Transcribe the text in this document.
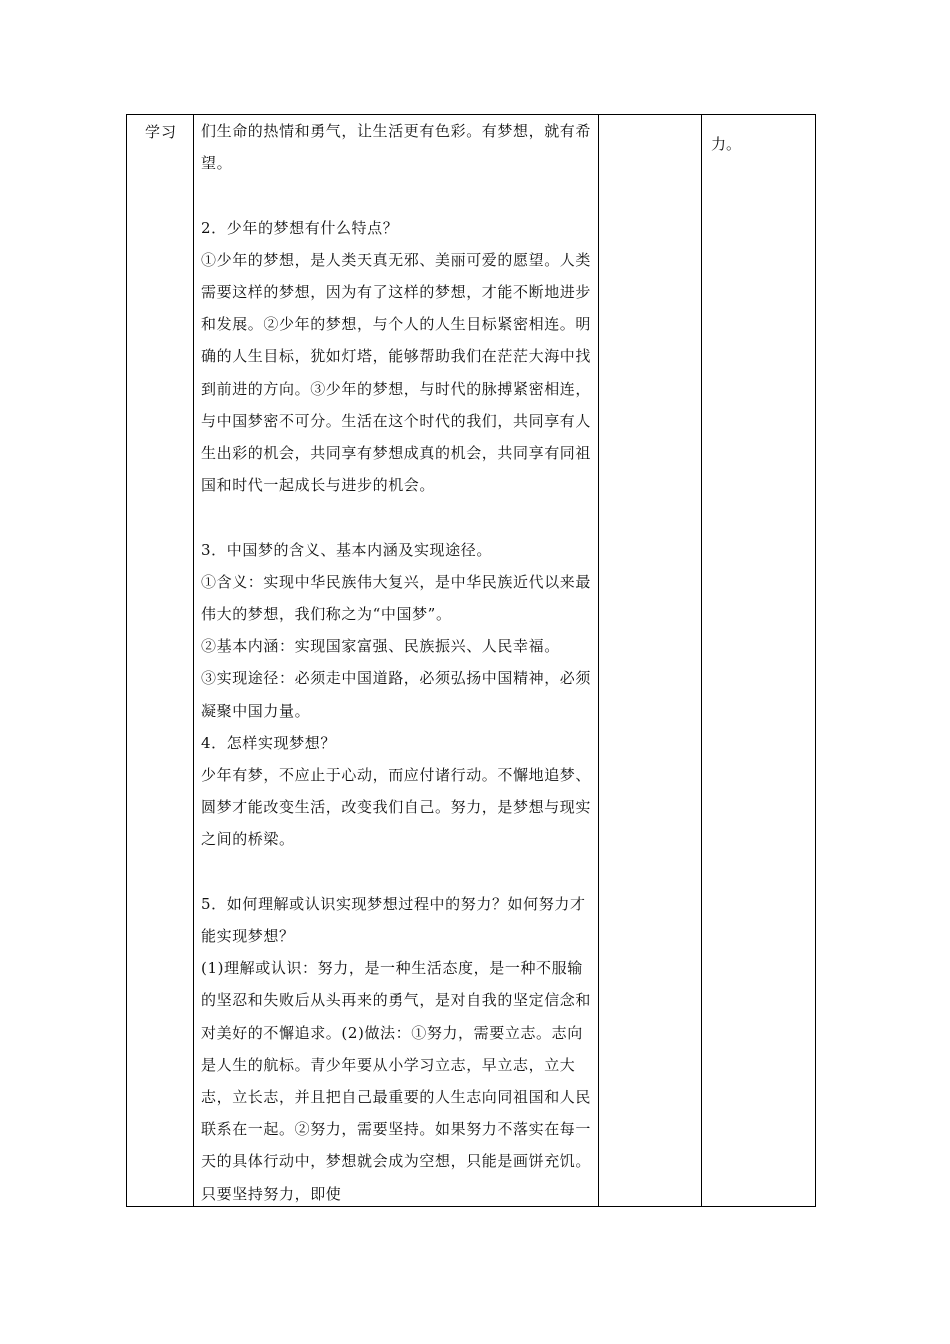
学习 们生命的热情和勇气，让生活更有色彩。有梦想，就有希望。

2．少年的梦想有什么特点？

①少年的梦想，是人类天真无邪、美丽可爱的愿望。人类需要这样的梦想，因为有了这样的梦想，才能不断地进步和发展。②少年的梦想，与个人的人生目标紧密相连。明确的人生目标，犹如灯塔，能够帮助我们在茫茫大海中找到前进的方向。③少年的梦想，与时代的脉搏紧密相连，与中国梦密不可分。生活在这个时代的我们，共同享有人生出彩的机会，共同享有梦想成真的机会，共同享有同祖国和时代一起成长与进步的机会。

3．中国梦的含义、基本内涵及实现途径。

①含义：实现中华民族伟大复兴，是中华民族近代以来最伟大的梦想，我们称之为“中国梦”。

②基本内涵：实现国家富强、民族振兴、人民幸福。

③实现途径：必须走中国道路，必须弘扬中国精神，必须凝聚中国力量。

4．怎样实现梦想？

少年有梦，不应止于心动，而应付诸行动。不懈地追梦、圆梦才能改变生活，改变我们自己。努力，是梦想与现实之间的桥梁。

5．如何理解或认识实现梦想过程中的努力？如何努力才能实现梦想？

(1)理解或认识：努力，是一种生活态度，是一种不服输的坚忍和失败后从头再来的勇气，是对自我的坚定信念和对美好的不懈追求。(2)做法：①努力，需要立志。志向是人生的航标。青少年要从小学习立志，早立志，立大志，立长志，并且把自己最重要的人生志向同祖国和人民联系在一起。②努力，需要坚持。如果努力不落实在每一天的具体行动中，梦想就会成为空想，只能是画饼充饥。只要坚持努力，即使

力。
